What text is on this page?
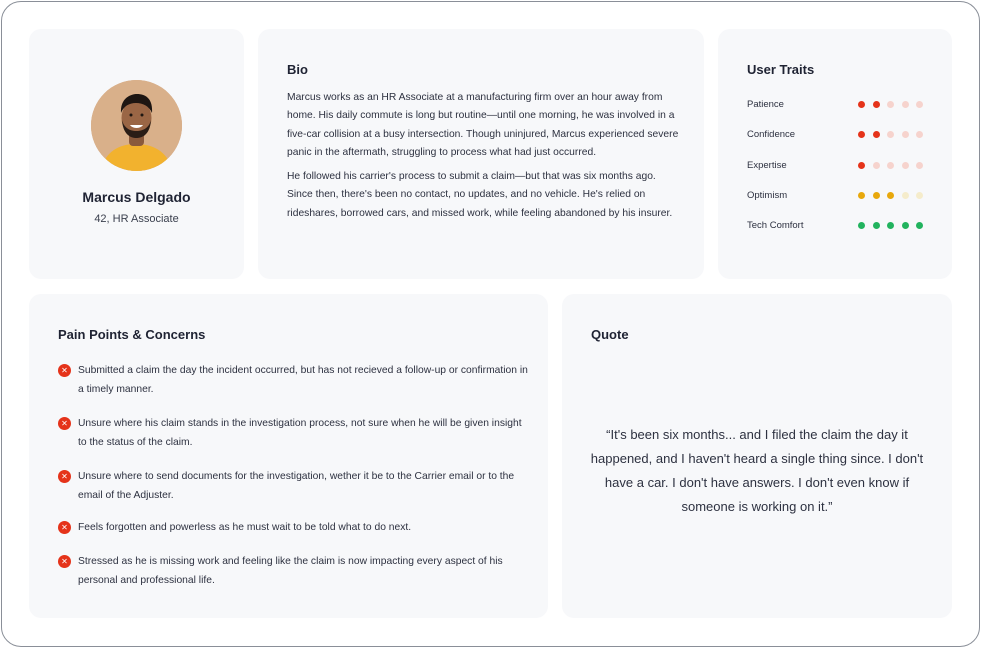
Marcus Delgado
42, HR Associate
Bio

Marcus works as an HR Associate at a manufacturing firm over an hour away from home. His daily commute is long but routine—until one morning, he was involved in a five-car collision at a busy intersection. Though uninjured, Marcus experienced severe panic in the aftermath, struggling to process what had just occurred.

He followed his carrier's process to submit a claim—but that was six months ago. Since then, there's been no contact, no updates, and no vehicle. He's relied on rideshares, borrowed cars, and missed work, while feeling abandoned by his insurer.

User Traits
Patience
Confidence
Expertise
Optimism
Tech Comfort
Pain Points & Concerns
✕ Submitted a claim the day the incident occurred, but has not recieved a follow-up or confirmation in a timely manner.
✕ Unsure where his claim stands in the investigation process, not sure when he will be given insight to the status of the claim.
✕ Unsure where to send documents for the investigation, wether it be to the Carrier email or to the email of the Adjuster.
✕ Feels forgotten and powerless as he must wait to be told what to do next.
✕ Stressed as he is missing work and feeling like the claim is now impacting every aspect of his personal and professional life.
Quote
“It's been six months... and I filed the claim the day it happened, and I haven't heard a single thing since. I don't have a car. I don't have answers. I don't even know if someone is working on it.”
